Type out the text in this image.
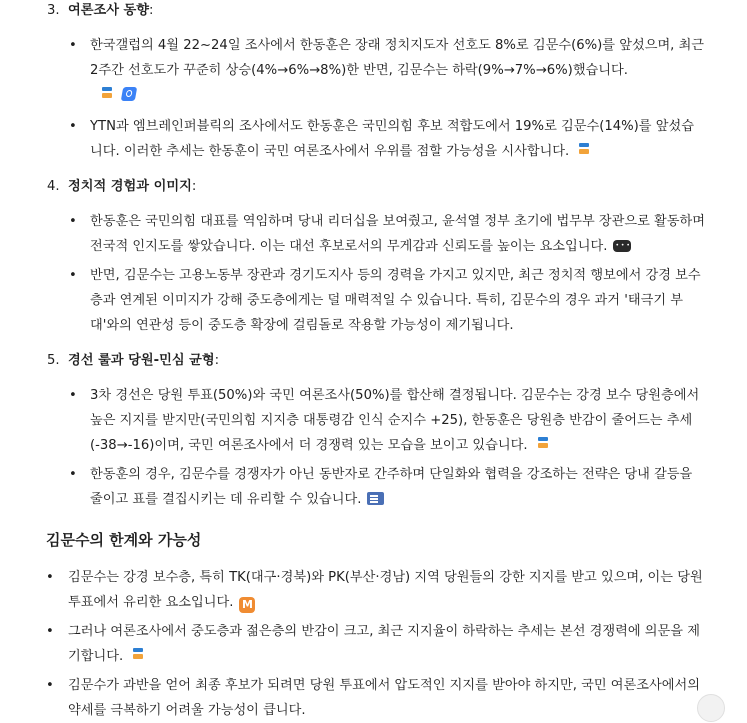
3. 여론조사 동향:
• 한국갤럽의 4월 22~24일 조사에서 한동훈은 장래 정치지도자 선호도 8%로 김문수(6%)를 앞섰으며, 최근 2주간 선호도가 꾸준히 상승(4%→6%→8%)한 반면, 김문수는 하락(9%→7%→6%)했습니다.

• YTN과 엠브레인퍼블릭의 조사에서도 한동훈은 국민의힘 후보 적합도에서 19%로 김문수(14%)를 앞섰습니다. 이러한 추세는 한동훈이 국민 여론조사에서 우위를 점할 가능성을 시사합니다.
4. 정치적 경험과 이미지:
• 한동훈은 국민의힘 대표를 역임하며 당내 리더십을 보여줬고, 윤석열 정부 초기에 법무부 장관으로 활동하며 전국적 인지도를 쌓았습니다. 이는 대선 후보로서의 무게감과 신뢰도를 높이는 요소입니다.• • •
• 반면, 김문수는 고용노동부 장관과 경기도지사 등의 경력을 가지고 있지만, 최근 정치적 행보에서 강경 보수층과 연계된 이미지가 강해 중도층에게는 덜 매력적일 수 있습니다. 특히, 김문수의 경우 과거 '태극기 부대'와의 연관성 등이 중도층 확장에 걸림돌로 작용할 가능성이 제기됩니다.
5. 경선 룰과 당원-민심 균형:
• 3차 경선은 당원 투표(50%)와 국민 여론조사(50%)를 합산해 결정됩니다. 김문수는 강경 보수 당원층에서 높은 지지를 받지만(국민의힘 지지층 대통령감 인식 순지수 +25), 한동훈은 당원층 반감이 줄어드는 추세(-38→-16)이며, 국민 여론조사에서 더 경쟁력 있는 모습을 보이고 있습니다.
• 한동훈의 경우, 김문수를 경쟁자가 아닌 동반자로 간주하며 단일화와 협력을 강조하는 전략은 당내 갈등을 줄이고 표를 결집시키는 데 유리할 수 있습니다.
김문수의 한계와 가능성
• 김문수는 강경 보수층, 특히 TK(대구·경북)와 PK(부산·경남) 지역 당원들의 강한 지지를 받고 있으며, 이는 당원 투표에서 유리한 요소입니다. M
• 그러나 여론조사에서 중도층과 젊은층의 반감이 크고, 최근 지지율이 하락하는 추세는 본선 경쟁력에 의문을 제기합니다.
• 김문수가 과반을 얻어 최종 후보가 되려면 당원 투표에서 압도적인 지지를 받아야 하지만, 국민 여론조사에서의 약세를 극복하기 어려울 가능성이 큽니다.
